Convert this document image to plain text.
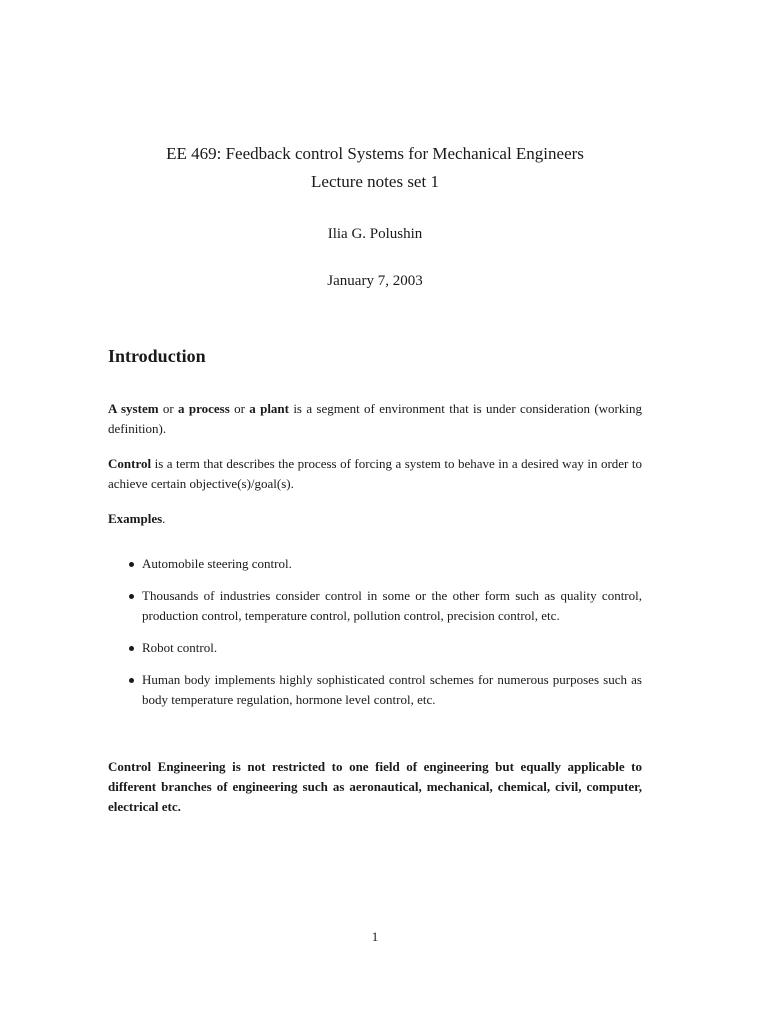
EE 469: Feedback control Systems for Mechanical Engineers
Lecture notes set 1
Ilia G. Polushin
January 7, 2003
Introduction
A system or a process or a plant is a segment of environment that is under consideration (working definition).
Control is a term that describes the process of forcing a system to behave in a desired way in order to achieve certain objective(s)/goal(s).
Examples.
Automobile steering control.
Thousands of industries consider control in some or the other form such as quality control, production control, temperature control, pollution control, precision control, etc.
Robot control.
Human body implements highly sophisticated control schemes for numerous purposes such as body temperature regulation, hormone level control, etc.
Control Engineering is not restricted to one field of engineering but equally applicable to different branches of engineering such as aeronautical, mechanical, chemical, civil, computer, electrical etc.
1
